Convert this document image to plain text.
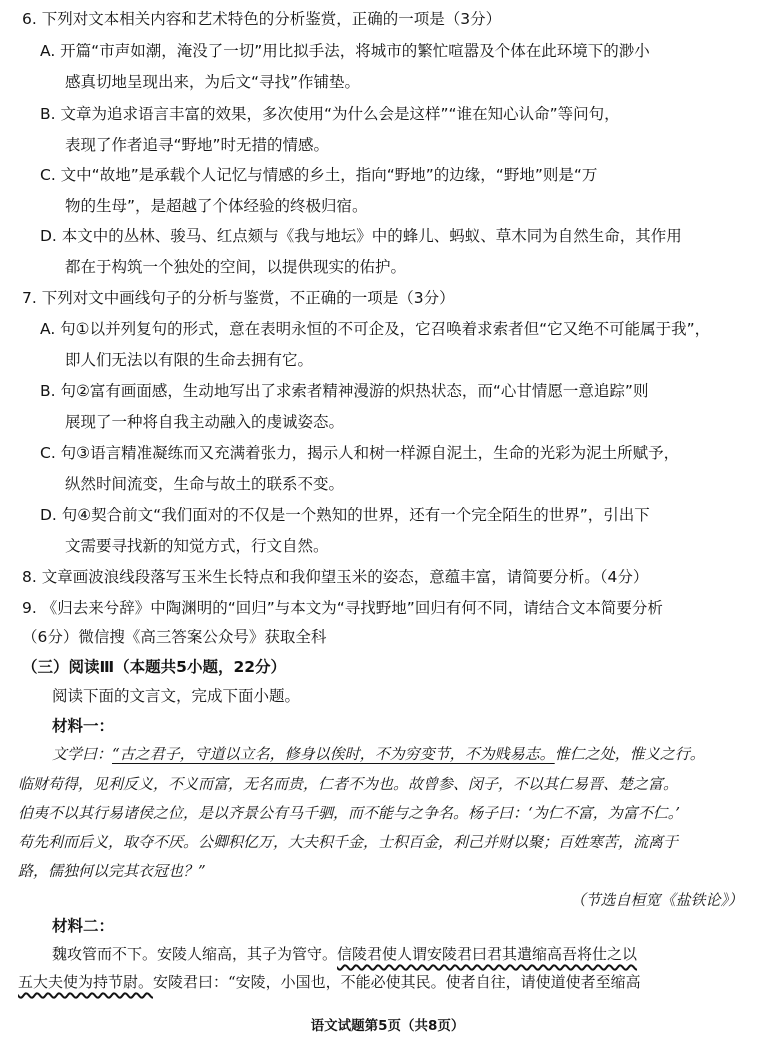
6. 下列对文本相关内容和艺术特色的分析鉴赏，正确的一项是（3分）
A. 开篇“市声如潮，淹没了一切”用比拟手法，将城市的繁忙喧嚣及个体在此环境下的渺小
感真切地呈现出来，为后文“寻找”作铺垫。
B. 文章为追求语言丰富的效果，多次使用“为什么会是这样”“谁在知心认命”等问句，
表现了作者追寻“野地”时无措的情感。
C. 文中“故地”是承载个人记忆与情感的乡土，指向“野地”的边缘，“野地”则是“万
物的生母”，是超越了个体经验的终极归宿。
D. 本文中的丛林、骏马、红点颏与《我与地坛》中的蜂儿、蚂蚁、草木同为自然生命，其作用
都在于构筑一个独处的空间，以提供现实的佑护。
7. 下列对文中画线句子的分析与鉴赏，不正确的一项是（3分）
A. 句①以并列复句的形式，意在表明永恒的不可企及，它召唤着求索者但“它又绝不可能属于我”，
即人们无法以有限的生命去拥有它。
B. 句②富有画面感，生动地写出了求索者精神漫游的炽热状态，而“心甘情愿一意追踪”则
展现了一种将自我主动融入的虔诚姿态。
C. 句③语言精准凝练而又充满着张力，揭示人和树一样源自泥土，生命的光彩为泥土所赋予，
纵然时间流变，生命与故土的联系不变。
D. 句④契合前文“我们面对的不仅是一个熟知的世界，还有一个完全陌生的世界”，引出下
文需要寻找新的知觉方式，行文自然。
8. 文章画波浪线段落写玉米生长特点和我仰望玉米的姿态，意蕴丰富，请简要分析。（4分）
9. 《归去来兮辞》中陶渊明的“回归”与本文为“寻找野地”回归有何不同，请结合文本简要分析
（6分）微信搜《高三答案公众号》获取全科
（三）阅读Ⅲ（本题共5小题，22分）
阅读下面的文言文，完成下面小题。
材料一：
文学曰：“古之君子，守道以立名，修身以俟时，不为穷变节，不为贱易志。惟仁之处，惟义之行。
临财苟得，见利反义，不义而富，无名而贵，仁者不为也。故曾参、闵子，不以其仁易晋、楚之富。
伯夷不以其行易诸侯之位，是以齐景公有马千驷，而不能与之争名。杨子曰：‘为仁不富，为富不仁。’
苟先利而后义，取夺不厌。公卿积亿万，大夫积千金，士积百金，利己并财以聚；百姓寒苦，流离于
路，儒独何以完其衣冠也？”
（节选自桓宽《盐铁论》）
材料二：
魏攻管而不下。安陵人缩高，其子为管守。信陵君使人谓安陵君曰君其遣缩高吾将仕之以
五大夫使为持节尉。安陵君曰：“安陵，小国也，不能必使其民。使者自往，请使道使者至缩高
语文试题第5页（共8页）
